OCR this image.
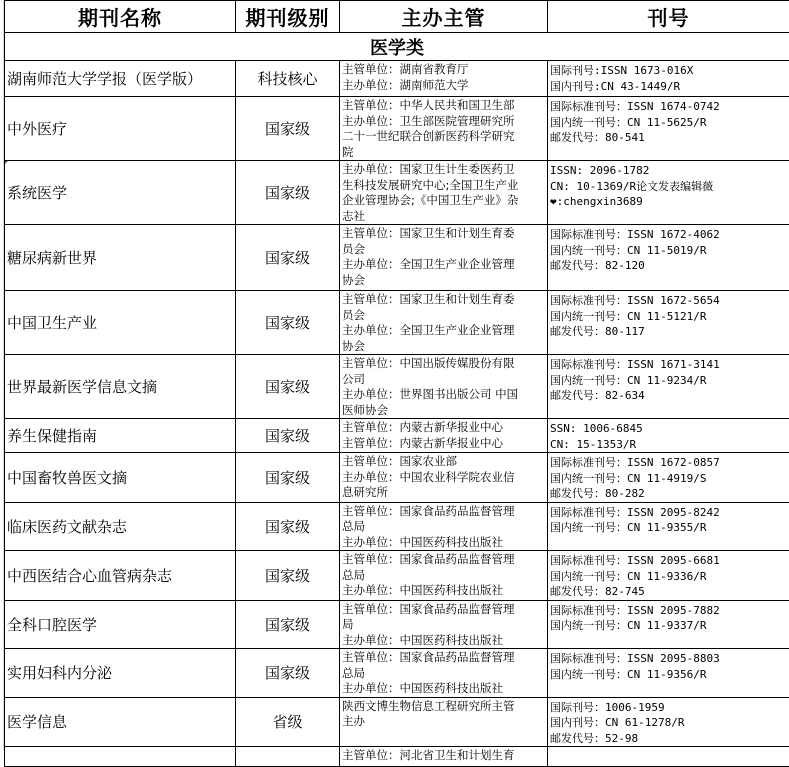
期刊名称	期刊级别	主办主管	刊号
医学类			
湖南师范大学学报（医学版）	科技核心	主管单位：湖南省教育厅
主办单位：湖南师范大学	国际刊号:ISSN 1673-016X
国内刊号:CN 43-1449/R

中外医疗	国家级	主管单位：中华人民共和国卫生部
主办单位：卫生部医院管理研究所
二十一世纪联合创新医药科学研究
院	国际标准刊号：ISSN 1674-0742
国内统一刊号：CN 11-5625/R
邮发代号：80-541

系统医学	国家级	主办单位：国家卫生计生委医药卫
生科技发展研究中心;全国卫生产业
企业管理协会;《中国卫生产业》杂
志社	ISSN: 2096-1782
CN: 10-1369/R论文发表编辑薇
❤:chengxin3689

糖尿病新世界	国家级	主管单位：国家卫生和计划生育委
员会
主办单位：全国卫生产业企业管理
协会	国际标准刊号：ISSN 1672-4062
国内统一刊号：CN 11-5019/R
邮发代号：82-120

中国卫生产业	国家级	主管单位：国家卫生和计划生育委
员会
主办单位：全国卫生产业企业管理
协会	国际标准刊号：ISSN 1672-5654
国内统一刊号：CN 11-5121/R
邮发代号：80-117

世界最新医学信息文摘	国家级	主管单位：中国出版传媒股份有限
公司
主办单位：世界图书出版公司 中国
医师协会	国际标准刊号：ISSN 1671-3141
国内统一刊号：CN 11-9234/R
邮发代号：82-634

养生保健指南	国家级	主管单位：内蒙古新华报业中心
主管单位：内蒙古新华报业中心	SSN: 1006-6845
CN: 15-1353/R

中国畜牧兽医文摘	国家级	主管单位：国家农业部
主办单位：中国农业科学院农业信
息研究所	国际标准刊号：ISSN 1672-0857
国内统一刊号：CN 11-4919/S
邮发代号：80-282

临床医药文献杂志	国家级	主管单位：国家食品药品监督管理
总局
主办单位：中国医药科技出版社	国际标准刊号：ISSN 2095-8242
国内统一刊号：CN 11-9355/R

中西医结合心血管病杂志	国家级	主管单位：国家食品药品监督管理
总局
主办单位：中国医药科技出版社	国际标准刊号：ISSN 2095-6681
国内统一刊号：CN 11-9336/R
邮发代号：82-745

全科口腔医学	国家级	主管单位：国家食品药品监督管理
局
主办单位：中国医药科技出版社	国际标准刊号：ISSN 2095-7882
国内统一刊号：CN 11-9337/R

实用妇科内分泌	国家级	主管单位：国家食品药品监督管理
总局
主办单位：中国医药科技出版社	国际标准刊号：ISSN 2095-8803
国内统一刊号：CN 11-9356/R

医学信息	省级	陕西文博生物信息工程研究所主管
主办	国际刊号：1006-1959
国内刊号：CN 61-1278/R
邮发代号：52-98

		主管单位：河北省卫生和计划生育	
